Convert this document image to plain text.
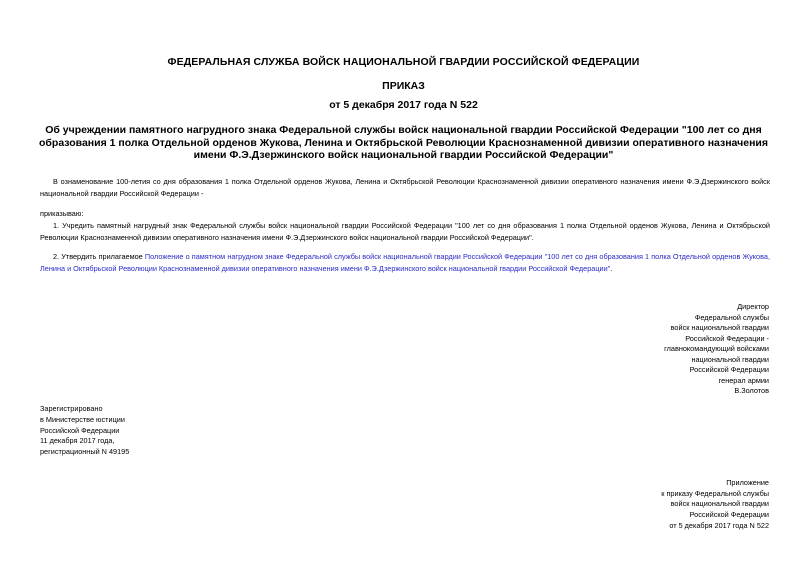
ФЕДЕРАЛЬНАЯ СЛУЖБА ВОЙСК НАЦИОНАЛЬНОЙ ГВАРДИИ РОССИЙСКОЙ ФЕДЕРАЦИИ
ПРИКАЗ
от 5 декабря 2017 года N 522
Об учреждении памятного нагрудного знака Федеральной службы войск национальной гвардии Российской Федерации "100 лет со дня образования 1 полка Отдельной орденов Жукова, Ленина и Октябрьской Революции Краснознаменной дивизии оперативного назначения имени Ф.Э.Дзержинского войск национальной гвардии Российской Федерации"
В ознаменование 100-летия со дня образования 1 полка Отдельной орденов Жукова, Ленина и Октябрьской Революции Краснознаменной дивизии оперативного назначения имени Ф.Э.Дзержинского войск национальной гвардии Российской Федерации -
приказываю:
1. Учредить памятный нагрудный знак Федеральной службы войск национальной гвардии Российской Федерации "100 лет со дня образования 1 полка Отдельной орденов Жукова, Ленина и Октябрьской Революции Краснознаменной дивизии оперативного назначения имени Ф.Э.Дзержинского войск национальной гвардии Российской Федерации".
2. Утвердить прилагаемое Положение о памятном нагрудном знаке Федеральной службы войск национальной гвардии Российской Федерации "100 лет со дня образования 1 полка Отдельной орденов Жукова, Ленина и Октябрьской Революции Краснознаменной дивизии оперативного назначения имени Ф.Э.Дзержинского войск национальной гвардии Российской Федерации".
Директор
Федеральной службы
войск национальной гвардии
Российской Федерации -
главнокомандующий войсками
национальной гвардии
Российской Федерации
генерал армии
В.Золотов
Зарегистрировано
в Министерстве юстиции
Российской Федерации
11 декабря 2017 года,
регистрационный N 49195
Приложение
к приказу Федеральной службы
войск национальной гвардии
Российской Федерации
от 5 декабря 2017 года N 522
